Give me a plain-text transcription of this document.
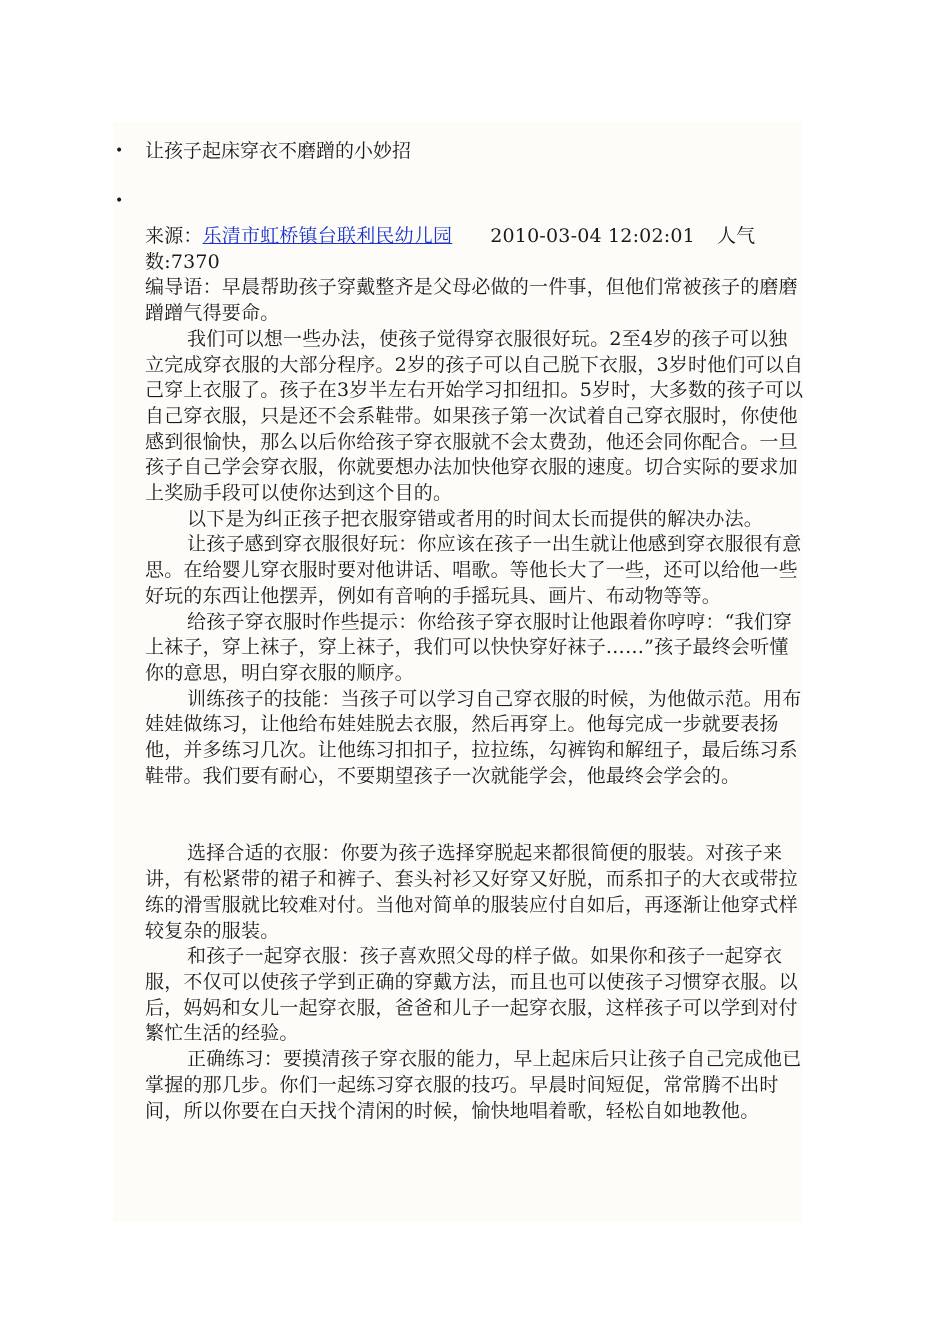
•	让孩子起床穿衣不磨蹭的小妙招
•

来源：乐清市虹桥镇台联利民幼儿园 2010-03-04 12:02:01 人气数:7370

编导语：早晨帮助孩子穿戴整齐是父母必做的一件事，但他们常被孩子的磨磨蹭蹭气得要命。

我们可以想一些办法，使孩子觉得穿衣服很好玩。2至4岁的孩子可以独立完成穿衣服的大部分程序。2岁的孩子可以自己脱下衣服，3岁时他们可以自己穿上衣服了。孩子在3岁半左右开始学习扣纽扣。5岁时，大多数的孩子可以自己穿衣服，只是还不会系鞋带。如果孩子第一次试着自己穿衣服时，你使他感到很愉快，那么以后你给孩子穿衣服就不会太费劲，他还会同你配合。一旦孩子自己学会穿衣服，你就要想办法加快他穿衣服的速度。切合实际的要求加上奖励手段可以使你达到这个目的。

以下是为纠正孩子把衣服穿错或者用的时间太长而提供的解决办法。

让孩子感到穿衣服很好玩：你应该在孩子一出生就让他感到穿衣服很有意思。在给婴儿穿衣服时要对他讲话、唱歌。等他长大了一些，还可以给他一些好玩的东西让他摆弄，例如有音响的手摇玩具、画片、布动物等等。

给孩子穿衣服时作些提示：你给孩子穿衣服时让他跟着你哼哼：“我们穿上袜子，穿上袜子，穿上袜子，我们可以快快穿好袜子……”孩子最终会听懂你的意思，明白穿衣服的顺序。

训练孩子的技能：当孩子可以学习自己穿衣服的时候，为他做示范。用布娃娃做练习，让他给布娃娃脱去衣服，然后再穿上。他每完成一步就要表扬他，并多练习几次。让他练习扣扣子，拉拉练，勾裤钩和解纽子，最后练习系鞋带。我们要有耐心，不要期望孩子一次就能学会，他最终会学会的。

选择合适的衣服：你要为孩子选择穿脱起来都很简便的服装。对孩子来讲，有松紧带的裙子和裤子、套头衬衫又好穿又好脱，而系扣子的大衣或带拉练的滑雪服就比较难对付。当他对简单的服装应付自如后，再逐渐让他穿式样较复杂的服装。

和孩子一起穿衣服：孩子喜欢照父母的样子做。如果你和孩子一起穿衣服，不仅可以使孩子学到正确的穿戴方法，而且也可以使孩子习惯穿衣服。以后，妈妈和女儿一起穿衣服，爸爸和儿子一起穿衣服，这样孩子可以学到对付繁忙生活的经验。

正确练习：要摸清孩子穿衣服的能力，早上起床后只让孩子自己完成他已掌握的那几步。你们一起练习穿衣服的技巧。早晨时间短促，常常腾不出时间，所以你要在白天找个清闲的时候，愉快地唱着歌，轻松自如地教他。
